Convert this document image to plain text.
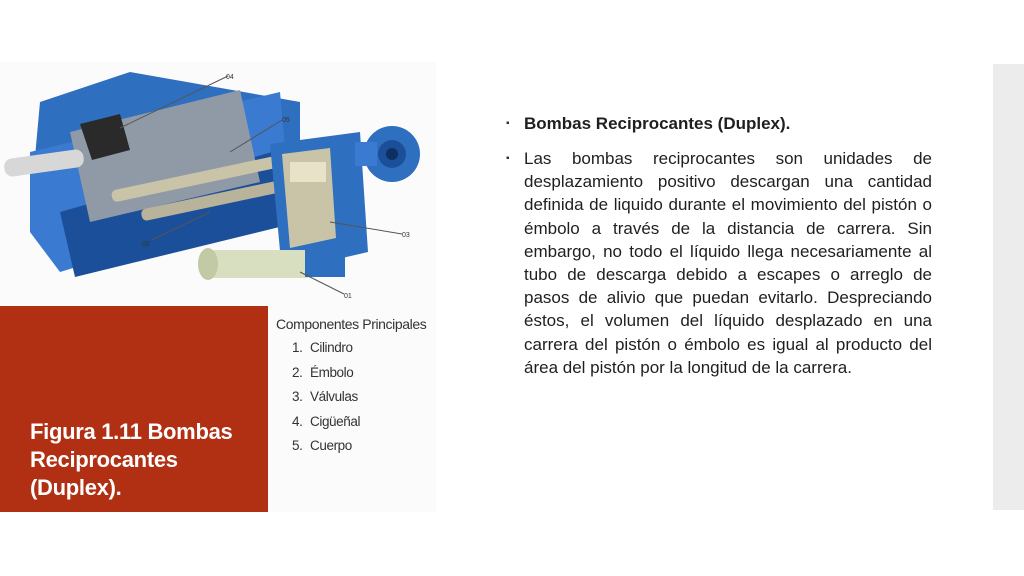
04
05
02
03
01
Figura 1.11 Bombas Reciprocantes (Duplex).
Componentes Principales
1. Cilindro
2. Émbolo
3. Válvulas
4. Cigüeñal
5. Cuerpo
▪ Bombas Reciprocantes (Duplex).
▪ Las bombas reciprocantes son unidades de desplazamiento positivo descargan una cantidad definida de liquido durante el movimiento del pistón o émbolo a través de la distancia de carrera. Sin embargo, no todo el líquido llega necesariamente al tubo de descarga debido a escapes o arreglo de pasos de alivio que puedan evitarlo. Despreciando éstos, el volumen del líquido desplazado en una carrera del pistón o émbolo es igual al producto del área del pistón por la longitud de la carrera.
